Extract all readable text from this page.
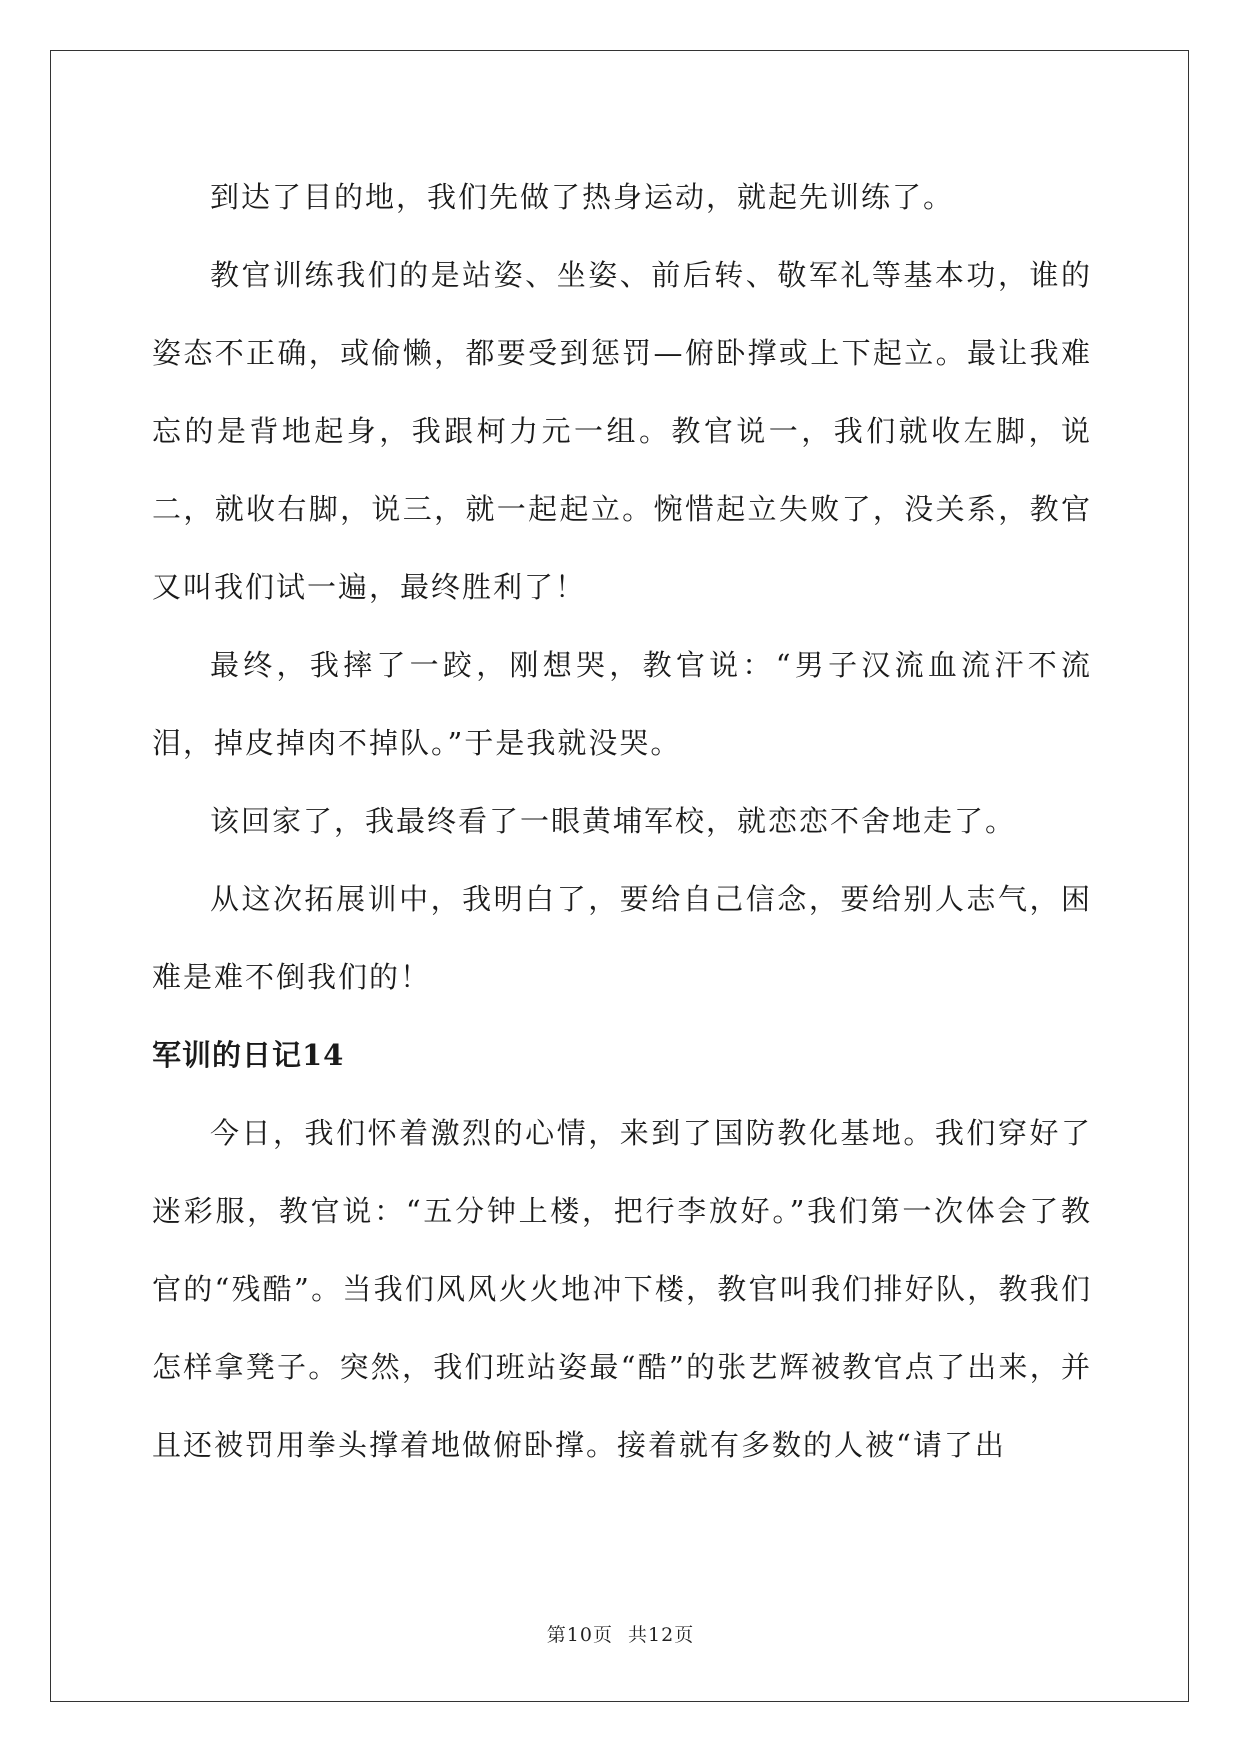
到达了目的地，我们先做了热身运动，就起先训练了。

教官训练我们的是站姿、坐姿、前后转、敬军礼等基本功，谁的姿态不正确，或偷懒，都要受到惩罚—俯卧撑或上下起立。最让我难忘的是背地起身，我跟柯力元一组。教官说一，我们就收左脚，说二，就收右脚，说三，就一起起立。惋惜起立失败了，没关系，教官又叫我们试一遍，最终胜利了！

最终，我摔了一跤，刚想哭，教官说：“男子汉流血流汗不流泪，掉皮掉肉不掉队。”于是我就没哭。

该回家了，我最终看了一眼黄埔军校，就恋恋不舍地走了。

从这次拓展训中，我明白了，要给自己信念，要给别人志气，困难是难不倒我们的！

军训的日记14

今日，我们怀着激烈的心情，来到了国防教化基地。我们穿好了迷彩服，教官说：“五分钟上楼，把行李放好。”我们第一次体会了教官的“残酷”。当我们风风火火地冲下楼，教官叫我们排好队，教我们怎样拿凳子。突然，我们班站姿最“酷”的张艺辉被教官点了出来，并且还被罚用拳头撑着地做俯卧撑。接着就有多数的人被“请了出

第10页 共12页
